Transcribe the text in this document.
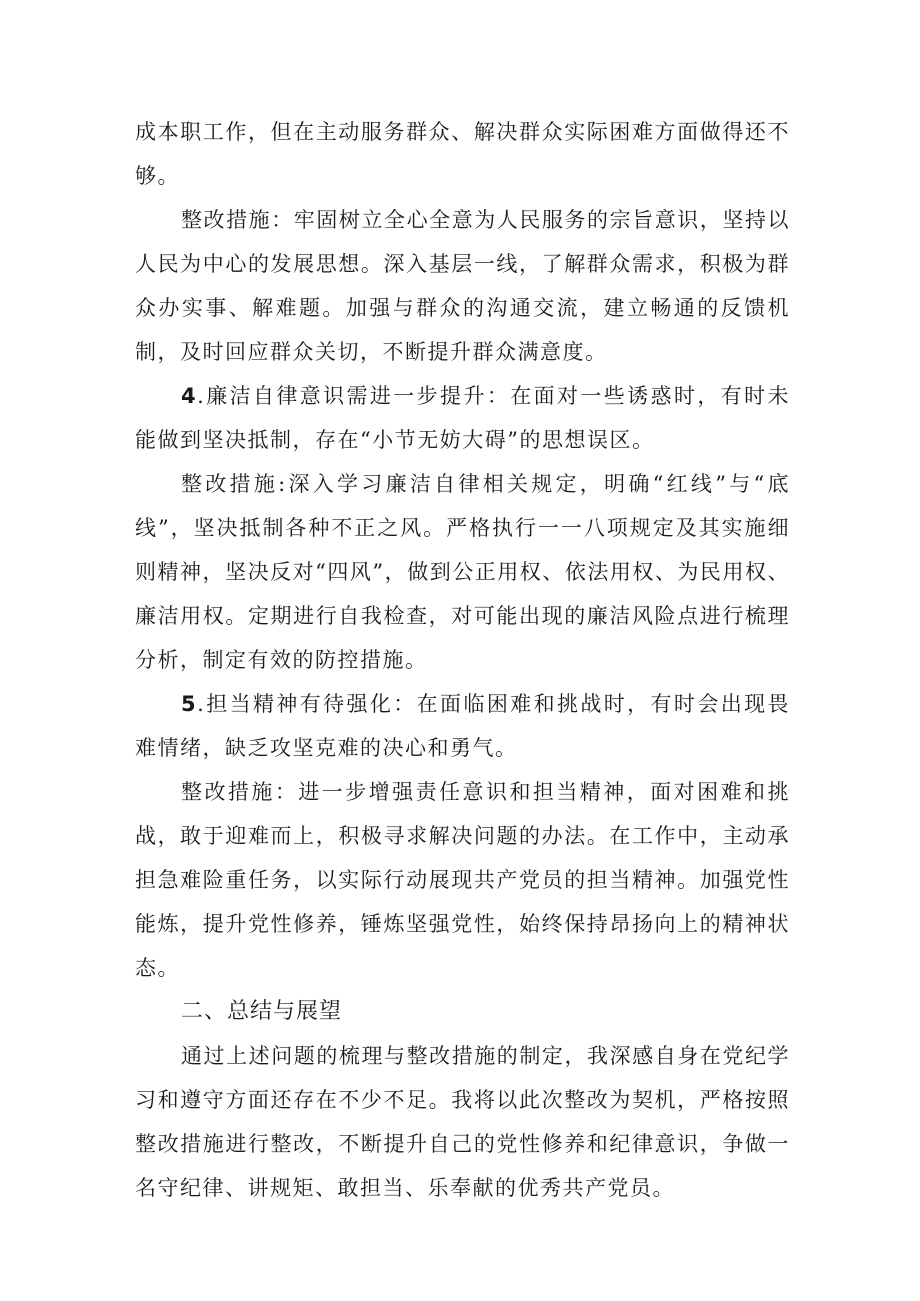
成本职工作，但在主动服务群众、解决群众实际困难方面做得还不够。

整改措施：牢固树立全心全意为人民服务的宗旨意识，坚持以人民为中心的发展思想。深入基层一线，了解群众需求，积极为群众办实事、解难题。加强与群众的沟通交流，建立畅通的反馈机制，及时回应群众关切，不断提升群众满意度。

4.廉洁自律意识需进一步提升：在面对一些诱惑时，有时未能做到坚决抵制，存在“小节无妨大碍”的思想误区。

整改措施:深入学习廉洁自律相关规定，明确“红线”与“底线”，坚决抵制各种不正之风。严格执行一一八项规定及其实施细则精神，坚决反对“四风”，做到公正用权、依法用权、为民用权、廉洁用权。定期进行自我检查，对可能出现的廉洁风险点进行梳理分析，制定有效的防控措施。

5.担当精神有待强化：在面临困难和挑战时，有时会出现畏难情绪，缺乏攻坚克难的决心和勇气。

整改措施：进一步增强责任意识和担当精神，面对困难和挑战，敢于迎难而上，积极寻求解决问题的办法。在工作中，主动承担急难险重任务，以实际行动展现共产党员的担当精神。加强党性能炼，提升党性修养，锤炼坚强党性，始终保持昂扬向上的精神状态。

二、总结与展望

通过上述问题的梳理与整改措施的制定，我深感自身在党纪学习和遵守方面还存在不少不足。我将以此次整改为契机，严格按照整改措施进行整改，不断提升自己的党性修养和纪律意识，争做一名守纪律、讲规矩、敢担当、乐奉献的优秀共产党员。
